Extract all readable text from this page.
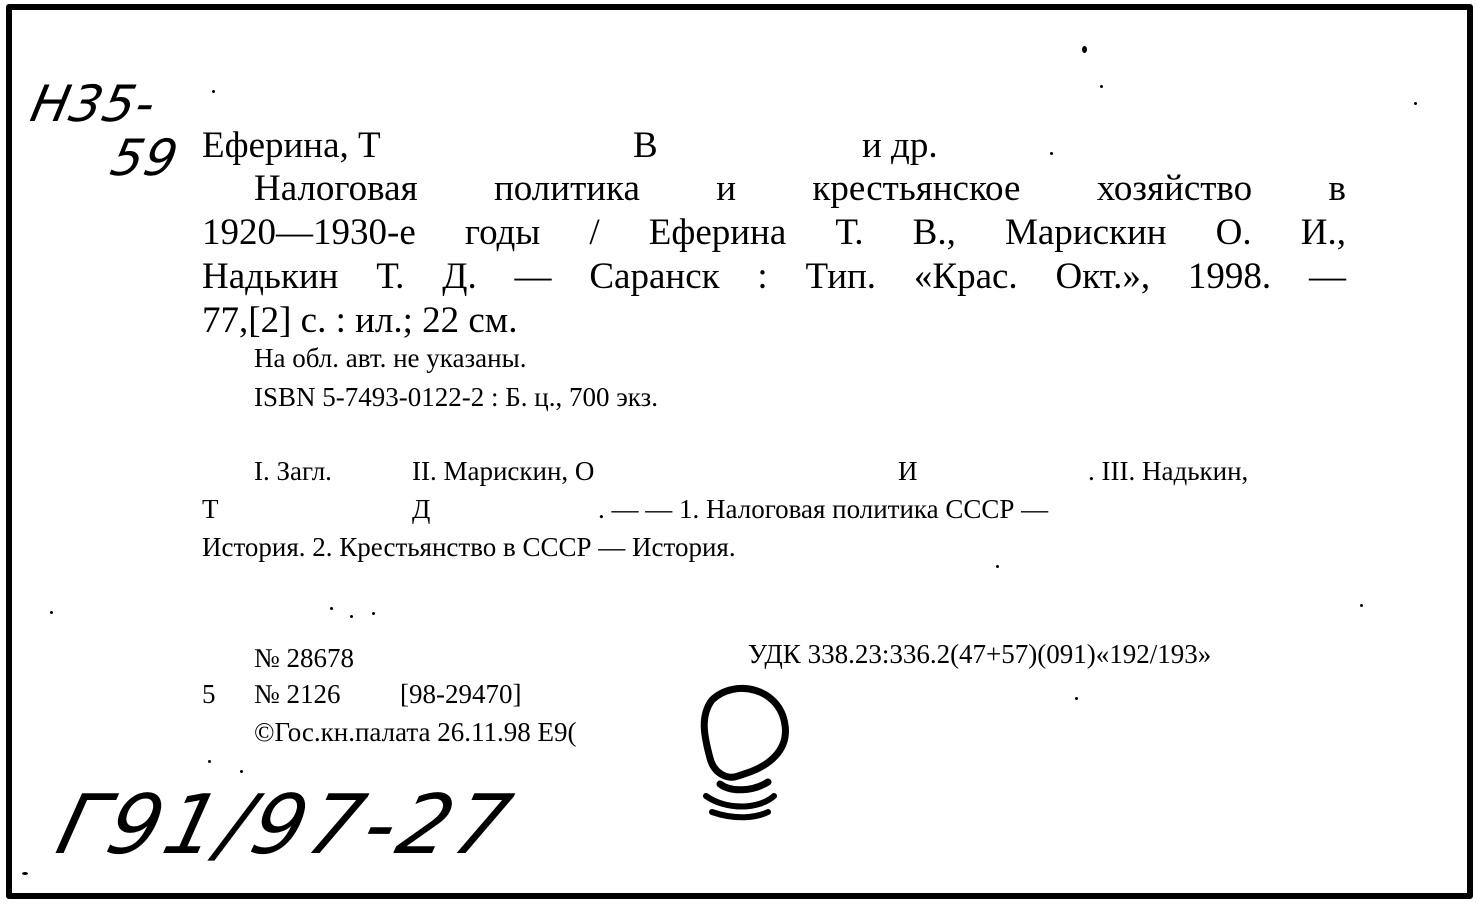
Н35-
59 Еферина, Т	В	и др.
Налоговая политика и крестьянское хозяйство в
1920—1930-е годы / Еферина Т. В., Марискин О. И.,
Надькин Т. Д. — Саранск : Тип. «Крас. Окт.», 1998. —
77,[2] с. : ил.; 22 см.
На обл. авт. не указаны.
ISBN 5-7493-0122-2 : Б. ц., 700 экз.
I. Загл.	II. Марискин, О	И	. III. Надькин,
Т	Д	. — — 1. Налоговая политика СССР —
История. 2. Крестьянство в СССР — История.
№ 28678	УДК 338.23:336.2(47+57)(091)«192/193»
5 № 2126 [98-29470]
©Гос.кн.палата 26.11.98 Е9(
Г91/97-27
